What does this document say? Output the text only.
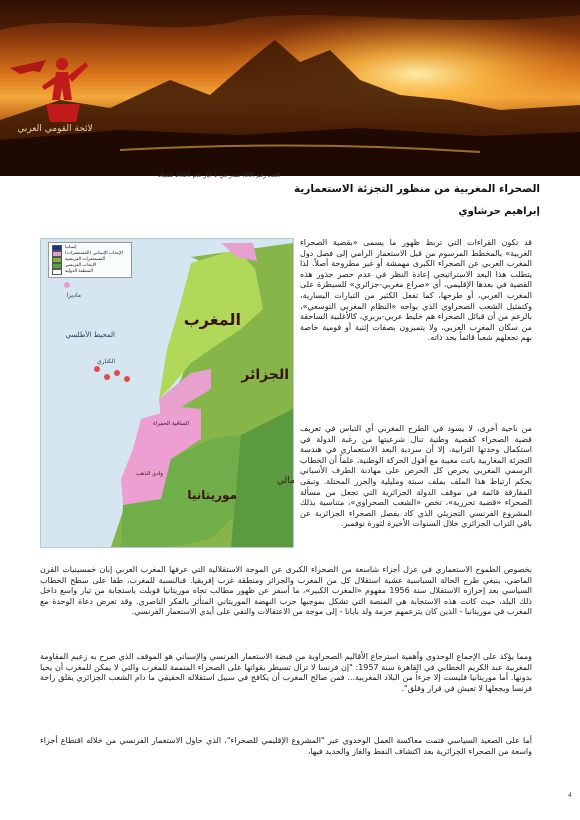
لائحة القومي العربي
العدد رقم (69) صدر في 1 أيار عام 2020 للميلاد
الصحراء المغربية من منظور التجزئة الاستعمارية
إبراهيم حرشاوي
المغرب
الجزائر
موريتانيا
مالي
المحيط الأطلسي
ماديرا
الكناري
الساقية الحمراء
وادي الذهب
إسبانيا
الإنتداب الإسباني (المستعمرات)
المستعمرات الفرنسية
الإنتداب الفرنسي
المنطقة الدولية

قد تكون القراءات التي تربط ظهور ما يسمى «بقضية الصحراء الغربية» بالمخطط المرسوم من قبل الاستعمار الرامي إلى فصل دول المغرب العربي عن الصحراء الكبرى مهمشة أو غير مطروحة أصلاً. لذا يتطلب هذا البعد الاستراتيجي إعادة النظر في عدم حصر جذور هذه القضية في بعدها الإقليمي، أي «صراع مغربي-جزائري» للسيطرة على المغرب العربي، أو طرحها، كما تفعل الكثير من التيارات اليسارية، وكتمثيل الشعب الصحراوي الذي يواجه «النظام المغربي التوسعي»، بالرغم من أن قبائل الصحراء هم خليط عربي-بربري، كالأغلبية الساحقة من سكان المغرب العربي، ولا يتميزون بصفات إثنية أو قومية خاصة بهم تجعلهم شعباً قائماً بحد ذاته.

من ناحية أخرى، لا يسود في الطرح المغربي أي التباس في تعريف قضية الصحراء كقضية وطنية تنال شرعيتها من رغبة الدولة في استكمال وحدتها الترابية، إلا أن سردية البعد الاستعماري في هندسة التجزئة المغاربية باتت مغيبة مع أفول الحركة الوطنية، علماً أن الخطاب الرسمي المغربي يحرص كل الحرص على مهادنة الطرف الأسباني بحكم ارتباط هذا الملف بملف سبتة ومليلية والجزر المحتلة. وتبقى المفارقة قائمة في موقف الدولة الجزائرية التي تجعل من مسألة الصحراء «قضية تحررية»، تخص «الشعب الصحراوي»، متناسية بذلك المشروع الفرنسي التجزيئي الذي كاد يفصل الصحراء الجزائرية عن باقي التراب الجزائري خلال السنوات الأخيرة لثورة نوفمبر.

بخصوص الطموح الاستعماري في عزل أجزاء شاسعة من الصحراء الكبرى عن الموجة الاستقلالية التي عرفها المغرب العربي إبان خمسينيات القرن الماضي، ينبغي طرح الحالة السياسية عشية استقلال كل من المغرب والجزائر ومنطقة غرب إفريقيا. فبالنسبة للمغرب، طفا على سطح الخطاب السياسي بعد إحرازه الاستقلال سنة 1956 مفهوم «المغرب الكبير»، ما أسفر عن ظهور مطالب تجاه موريتانيا قوبلت باستجابة من تيار واسع داخل ذلك البلد، حيث كانت هذه الاستجابة هي المنصة التي تشكل بموجبها حزب النهضة الموريتاني المتأثر بالفكر الناصري. وقد تعرض دعاة الوحدة مع المغرب في موريتانيا - الذين كان يتزعمهم حرمة ولد بابانا - إلى موجة من الاعتقالات والنفي على أيدي الاستعمار الفرنسي.

ومما يؤكد على الإجماع الوحدوي وأهمية استرجاع الأقاليم الصحراوية من قبضة الاستعمار الفرنسي والإسباني هو الموقف الذي صرح به زعيم المقاومة المغربية عبد الكريم الخطابي في القاهرة سنة 1957: "إن فرنسا لا تزال تسيطر بقواتها على الصحراء المتممة للمغرب والتي لا يمكن للمغرب أن يحيا بدونها. أما موريتانيا فليست إلا جزءاً من البلاد المغربية... فمن صالح المغرب أن يكافح في سبيل استقلاله الحقيقي ما دام الشعب الجزائري يقلق راحة فرنسا ويجعلها لا تعيش في قرار وقلق".

أما على الصعيد السياسي فتمت معاكسة العمل الوحدوي عبر "المشروع الإقليمي للصحراء"، الذي حاول الاستعمار الفرنسي من خلاله اقتطاع أجزاء واسعة من الصحراء الجزائرية بعد اكتشاف النفط والغاز والحديد فيها،

4
